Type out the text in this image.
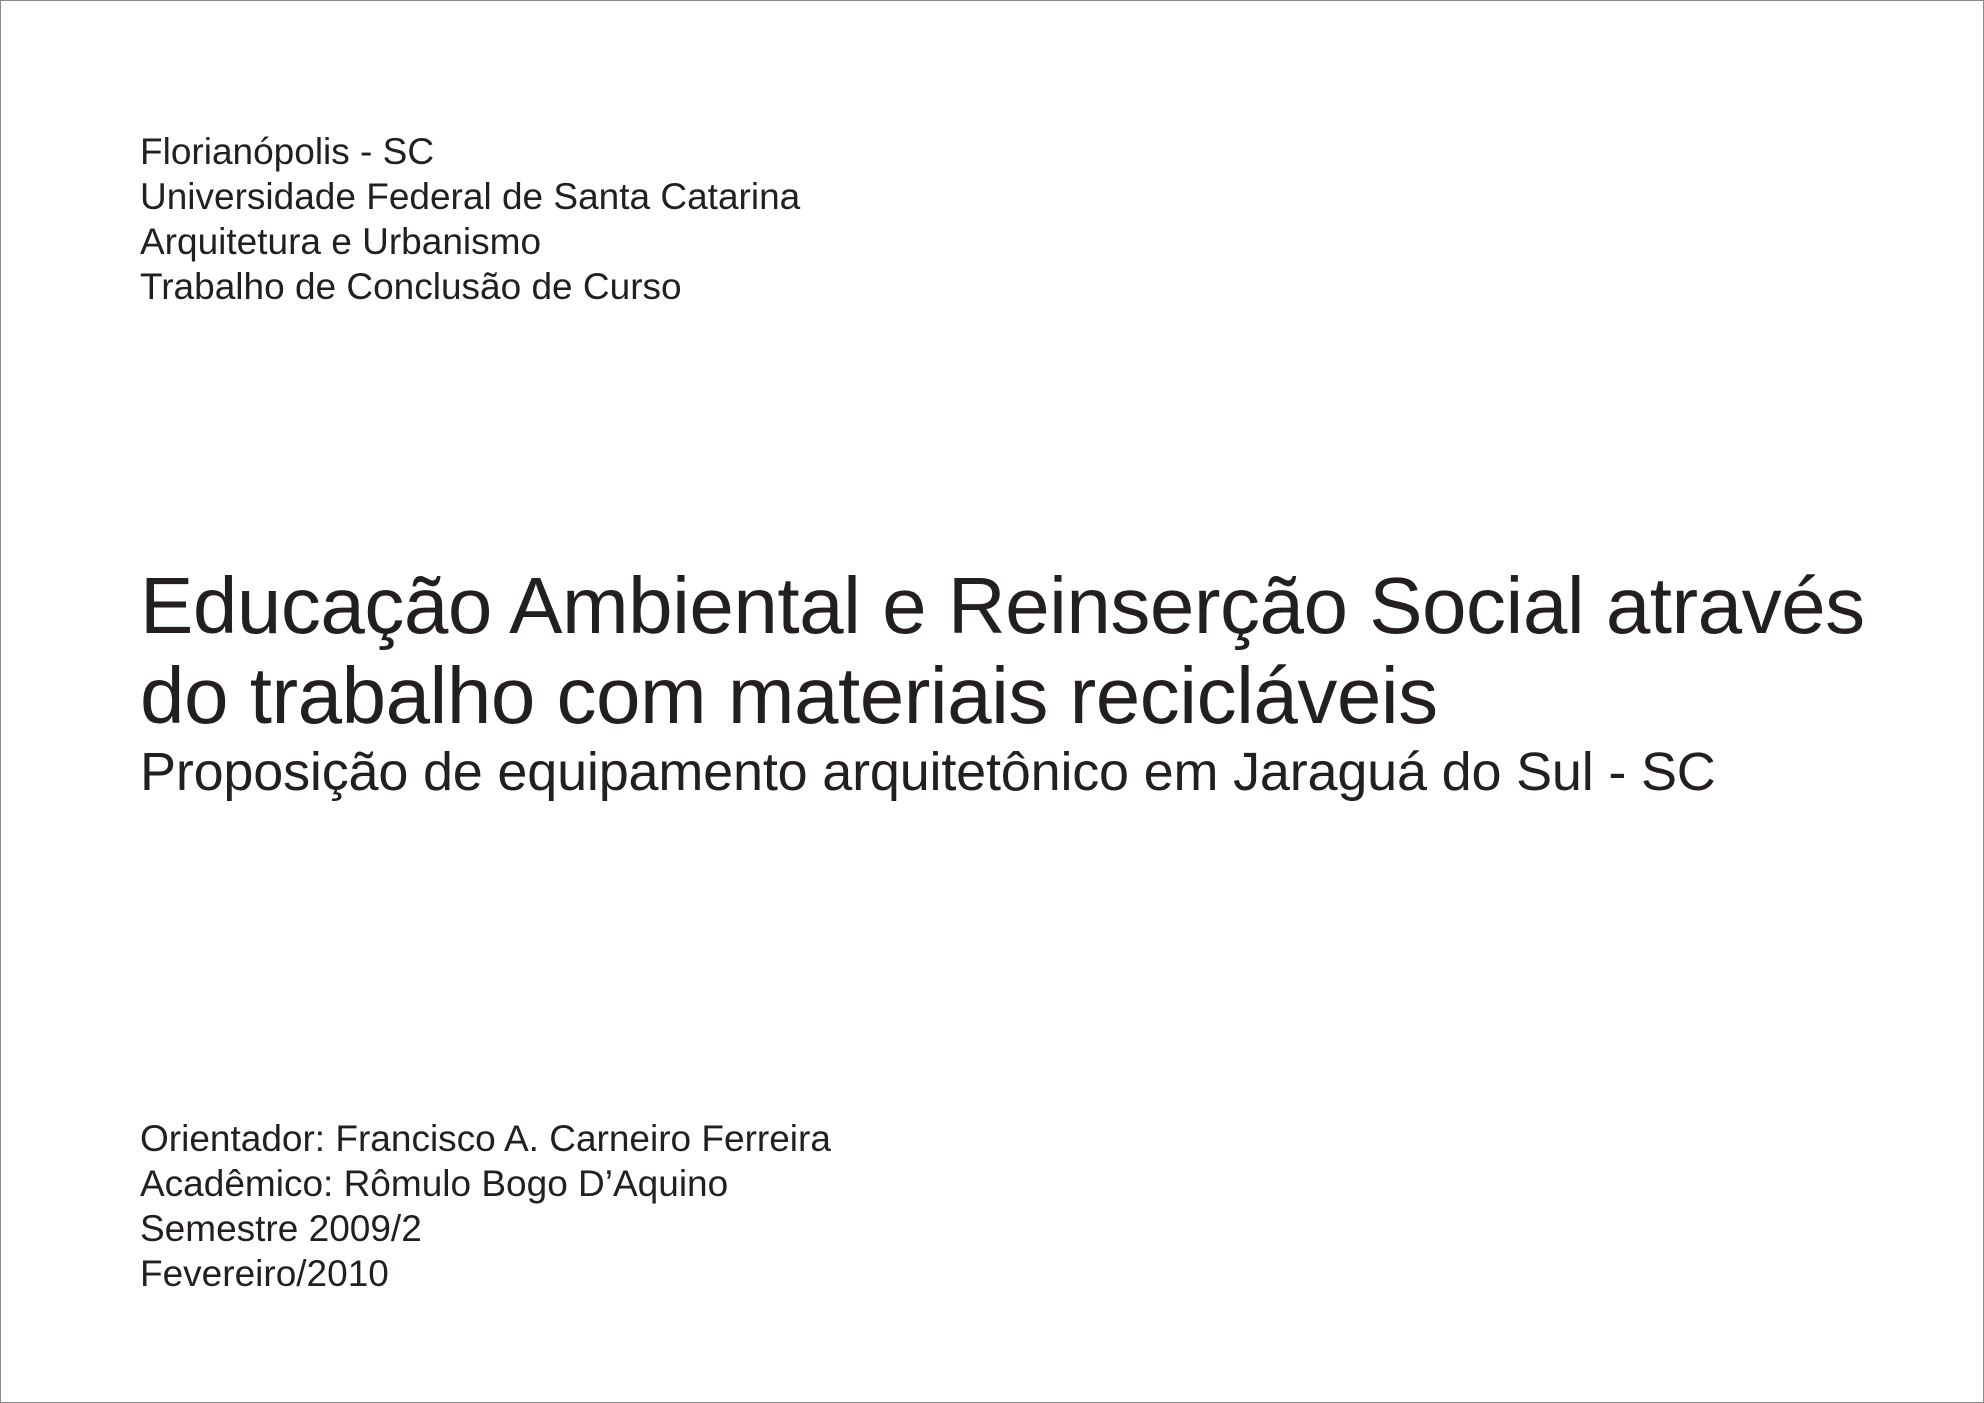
Florianópolis - SC
Universidade Federal de Santa Catarina
Arquitetura e Urbanismo
Trabalho de Conclusão de Curso
Educação Ambiental e Reinserção Social através
do trabalho com materiais recicláveis
Proposição de equipamento arquitetônico em Jaraguá do Sul - SC
Orientador: Francisco A. Carneiro Ferreira
Acadêmico: Rômulo Bogo D’Aquino
Semestre 2009/2
Fevereiro/2010
